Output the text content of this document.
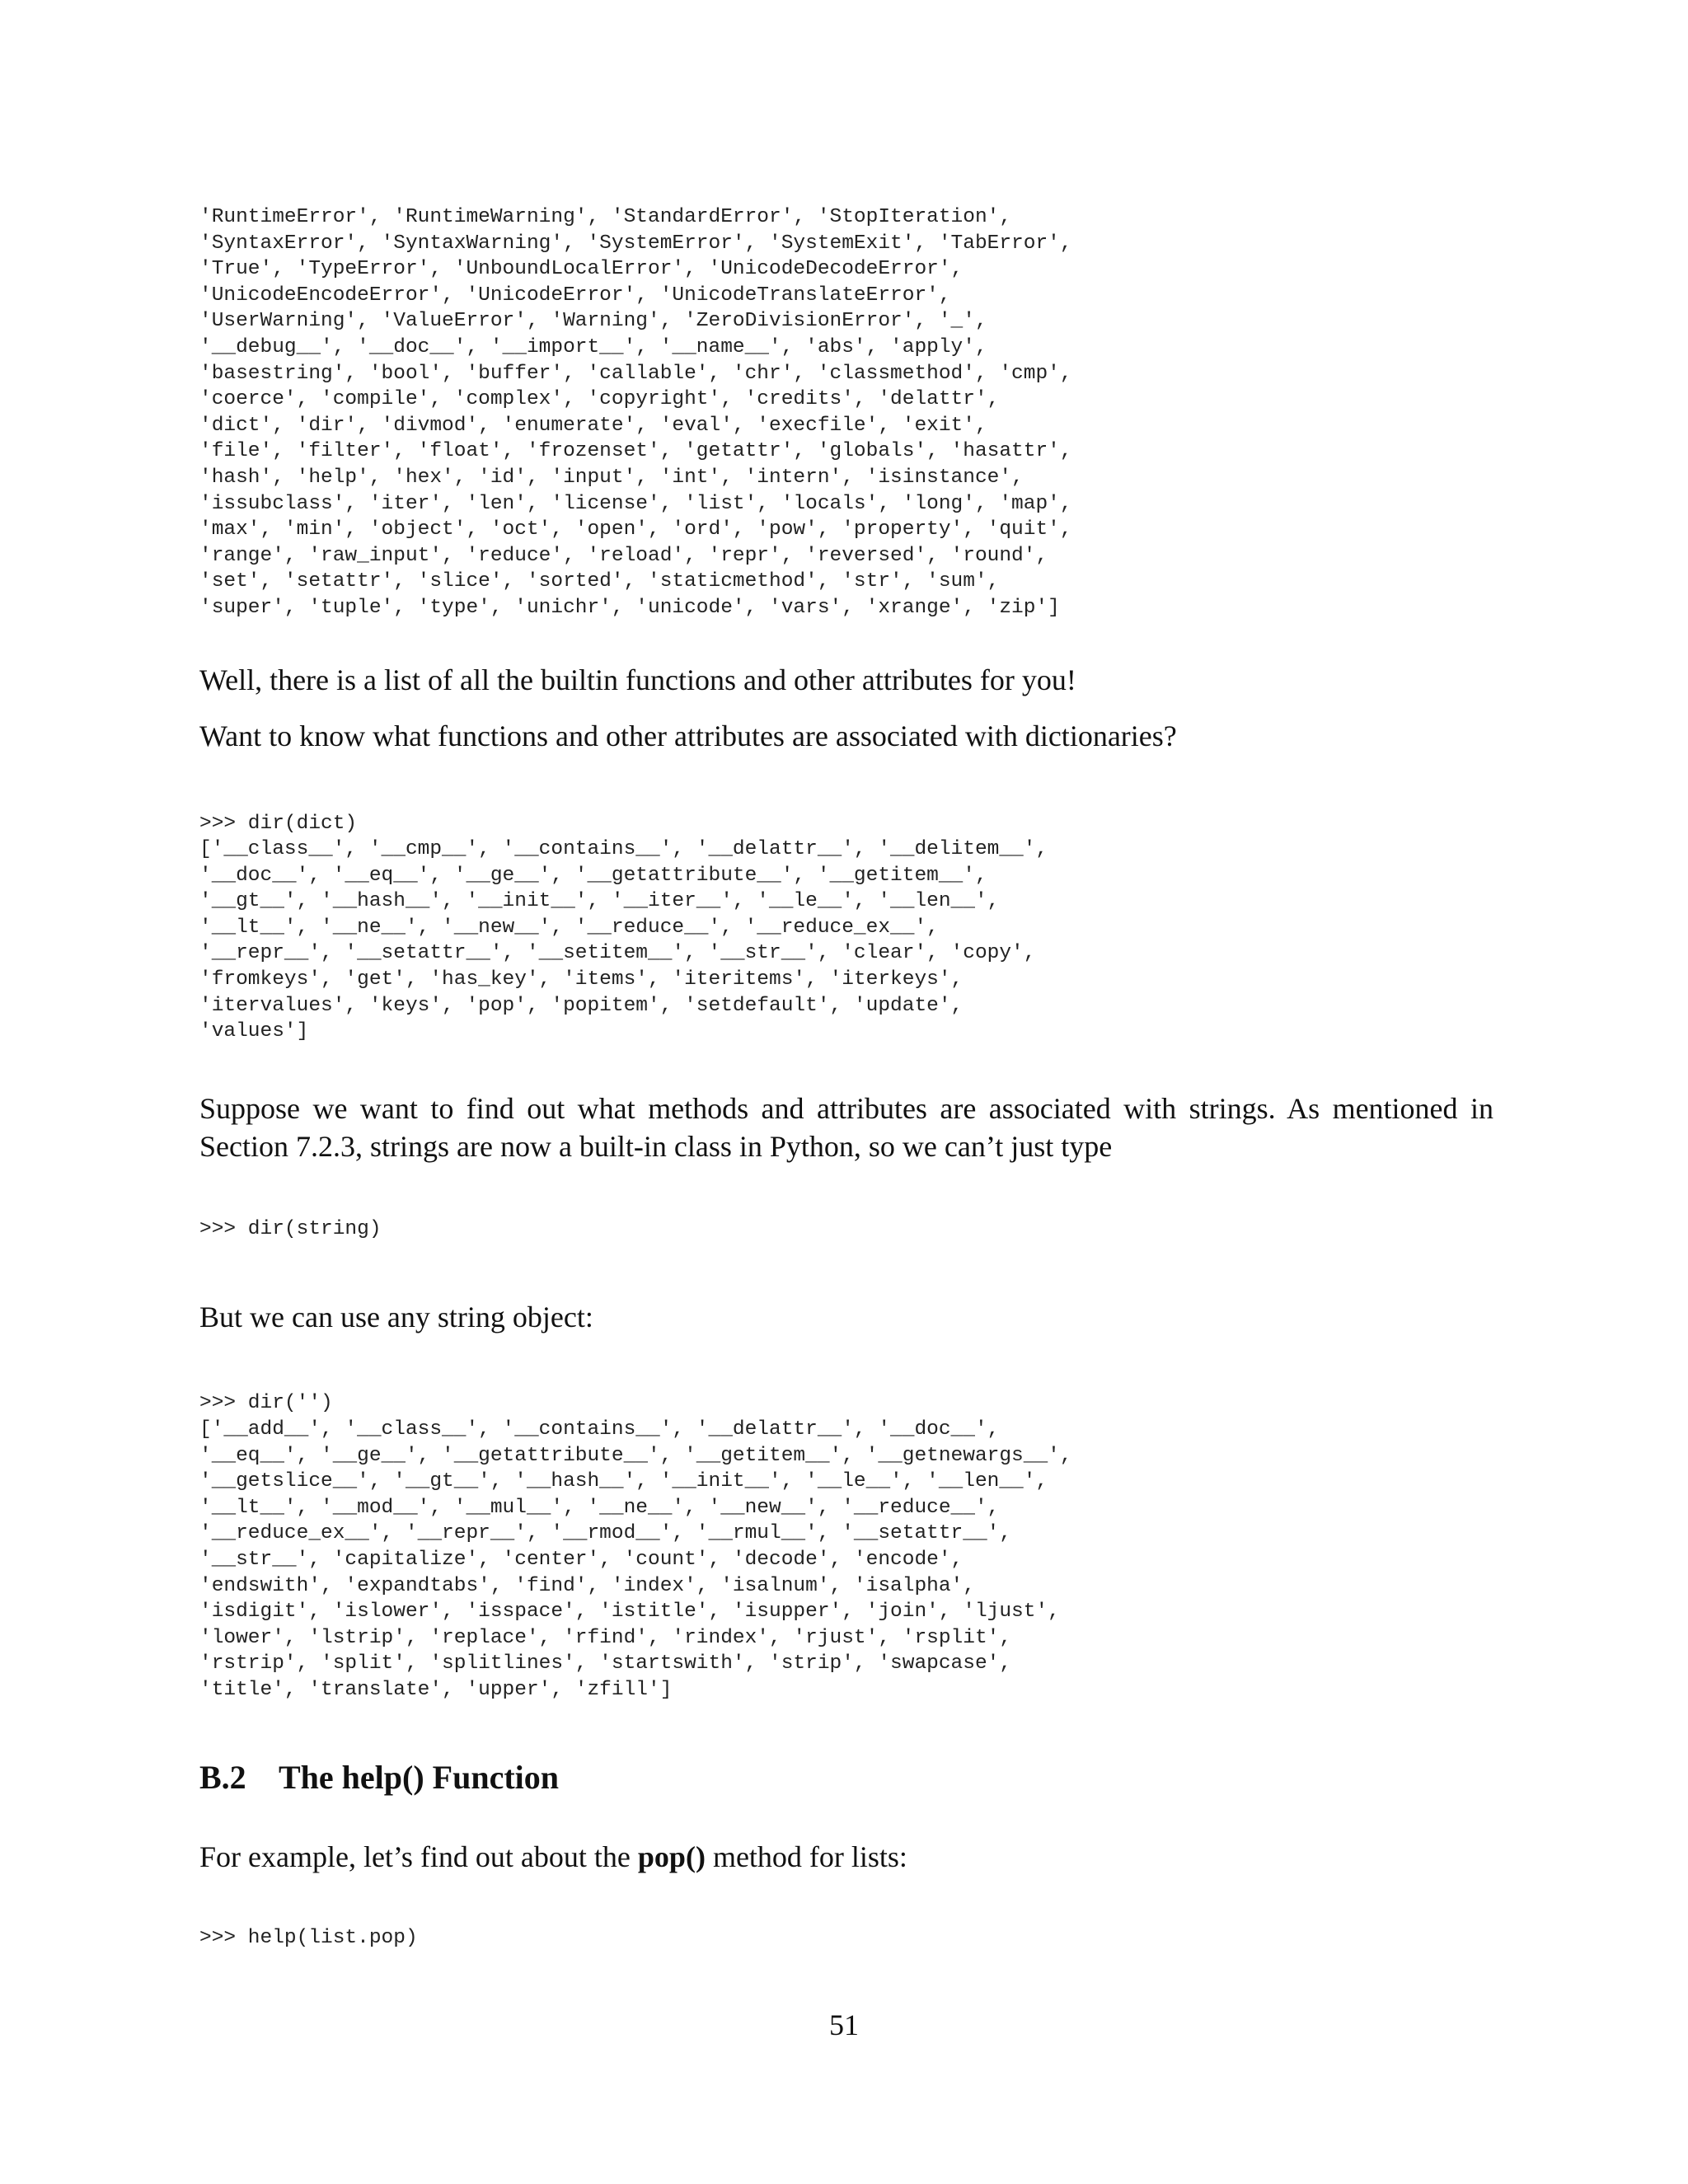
'RuntimeError', 'RuntimeWarning', 'StandardError', 'StopIteration',
'SyntaxError', 'SyntaxWarning', 'SystemError', 'SystemExit', 'TabError',
'True', 'TypeError', 'UnboundLocalError', 'UnicodeDecodeError',
'UnicodeEncodeError', 'UnicodeError', 'UnicodeTranslateError',
'UserWarning', 'ValueError', 'Warning', 'ZeroDivisionError', '_',
'__debug__', '__doc__', '__import__', '__name__', 'abs', 'apply',
'basestring', 'bool', 'buffer', 'callable', 'chr', 'classmethod', 'cmp',
'coerce', 'compile', 'complex', 'copyright', 'credits', 'delattr',
'dict', 'dir', 'divmod', 'enumerate', 'eval', 'execfile', 'exit',
'file', 'filter', 'float', 'frozenset', 'getattr', 'globals', 'hasattr',
'hash', 'help', 'hex', 'id', 'input', 'int', 'intern', 'isinstance',
'issubclass', 'iter', 'len', 'license', 'list', 'locals', 'long', 'map',
'max', 'min', 'object', 'oct', 'open', 'ord', 'pow', 'property', 'quit',
'range', 'raw_input', 'reduce', 'reload', 'repr', 'reversed', 'round',
'set', 'setattr', 'slice', 'sorted', 'staticmethod', 'str', 'sum',
'super', 'tuple', 'type', 'unichr', 'unicode', 'vars', 'xrange', 'zip']

Well, there is a list of all the builtin functions and other attributes for you!

Want to know what functions and other attributes are associated with dictionaries?

>>> dir(dict)
['__class__', '__cmp__', '__contains__', '__delattr__', '__delitem__',
'__doc__', '__eq__', '__ge__', '__getattribute__', '__getitem__',
'__gt__', '__hash__', '__init__', '__iter__', '__le__', '__len__',
'__lt__', '__ne__', '__new__', '__reduce__', '__reduce_ex__',
'__repr__', '__setattr__', '__setitem__', '__str__', 'clear', 'copy',
'fromkeys', 'get', 'has_key', 'items', 'iteritems', 'iterkeys',
'itervalues', 'keys', 'pop', 'popitem', 'setdefault', 'update',
'values']

Suppose we want to find out what methods and attributes are associated with strings. As mentioned in Section 7.2.3, strings are now a built-in class in Python, so we can’t just type

>>> dir(string)

But we can use any string object:

>>> dir('')
['__add__', '__class__', '__contains__', '__delattr__', '__doc__',
'__eq__', '__ge__', '__getattribute__', '__getitem__', '__getnewargs__',
'__getslice__', '__gt__', '__hash__', '__init__', '__le__', '__len__',
'__lt__', '__mod__', '__mul__', '__ne__', '__new__', '__reduce__',
'__reduce_ex__', '__repr__', '__rmod__', '__rmul__', '__setattr__',
'__str__', 'capitalize', 'center', 'count', 'decode', 'encode',
'endswith', 'expandtabs', 'find', 'index', 'isalnum', 'isalpha',
'isdigit', 'islower', 'isspace', 'istitle', 'isupper', 'join', 'ljust',
'lower', 'lstrip', 'replace', 'rfind', 'rindex', 'rjust', 'rsplit',
'rstrip', 'split', 'splitlines', 'startswith', 'strip', 'swapcase',
'title', 'translate', 'upper', 'zfill']
B.2 The help() Function

For example, let’s find out about the pop() method for lists:

>>> help(list.pop)
51
